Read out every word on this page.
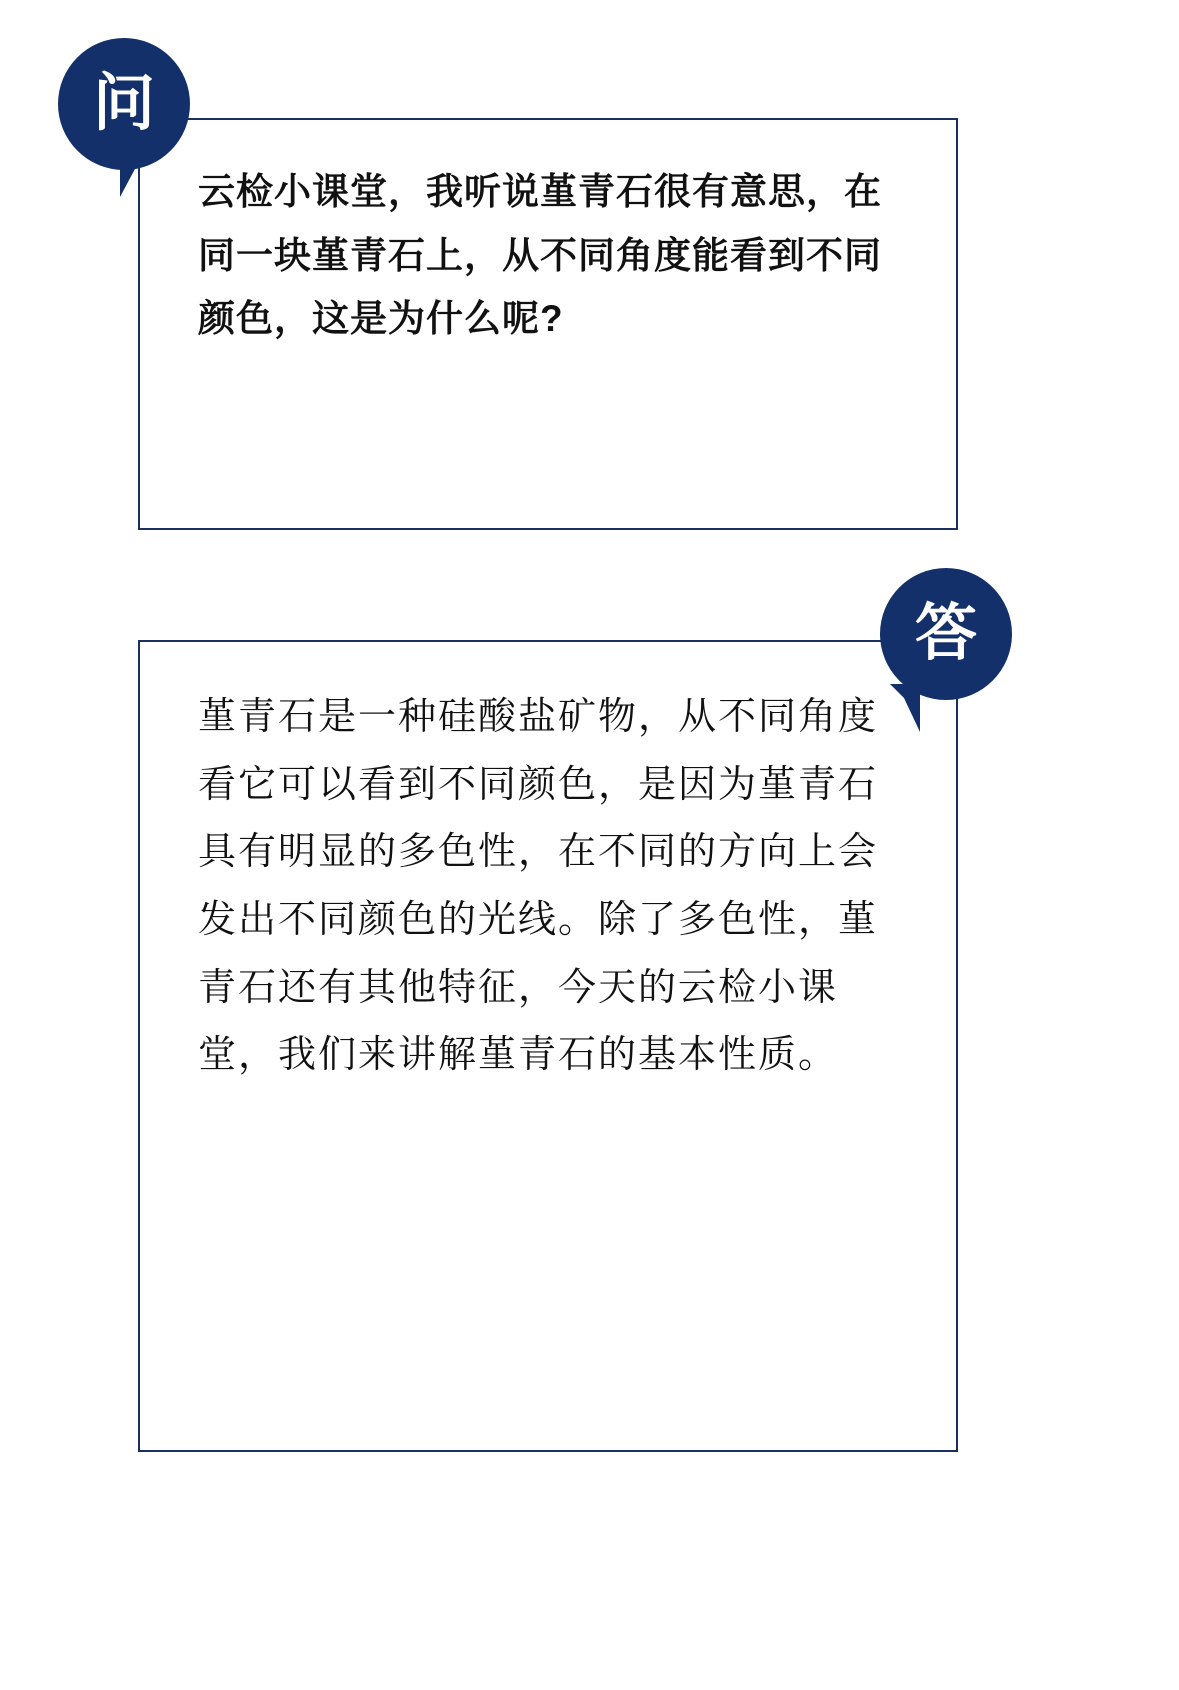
云检小课堂，我听说堇青石很有意思，在同一块堇青石上，从不同角度能看到不同颜色，这是为什么呢?
问
堇青石是一种硅酸盐矿物，从不同角度看它可以看到不同颜色，是因为堇青石具有明显的多色性，在不同的方向上会发出不同颜色的光线。除了多色性，堇青石还有其他特征，今天的云检小课堂，我们来讲解堇青石的基本性质。
答
